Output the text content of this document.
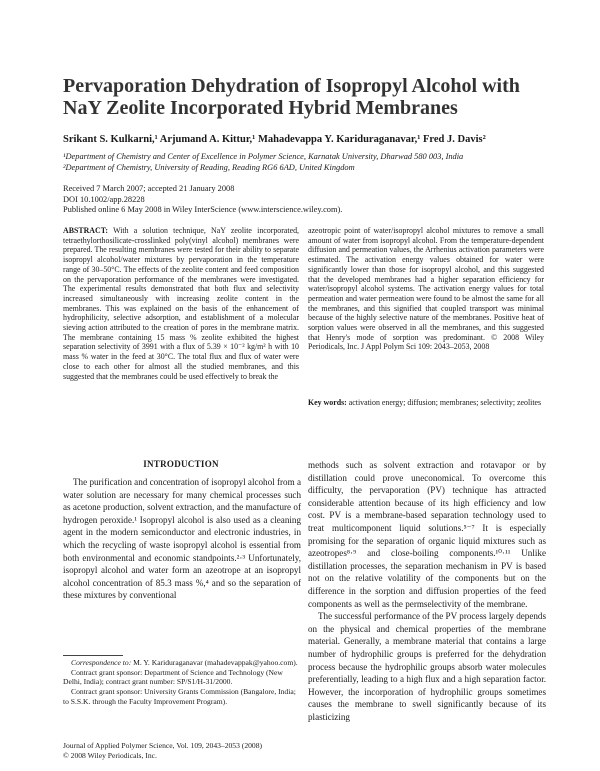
Pervaporation Dehydration of Isopropyl Alcohol with NaY Zeolite Incorporated Hybrid Membranes
Srikant S. Kulkarni,¹ Arjumand A. Kittur,¹ Mahadevappa Y. Kariduraganavar,¹ Fred J. Davis²
¹Department of Chemistry and Center of Excellence in Polymer Science, Karnatak University, Dharwad 580 003, India
²Department of Chemistry, University of Reading, Reading RG6 6AD, United Kingdom
Received 7 March 2007; accepted 21 January 2008
DOI 10.1002/app.28228
Published online 6 May 2008 in Wiley InterScience (www.interscience.wiley.com).
ABSTRACT: With a solution technique, NaY zeolite incorporated, tetraethylorthosilicate-crosslinked poly(vinyl alcohol) membranes were prepared. The resulting membranes were tested for their ability to separate isopropyl alcohol/water mixtures by pervaporation in the temperature range of 30–50°C. The effects of the zeolite content and feed composition on the pervaporation performance of the membranes were investigated. The experimental results demonstrated that both flux and selectivity increased simultaneously with increasing zeolite content in the membranes. This was explained on the basis of the enhancement of hydrophilicity, selective adsorption, and establishment of a molecular sieving action attributed to the creation of pores in the membrane matrix. The membrane containing 15 mass % zeolite exhibited the highest separation selectivity of 3991 with a flux of 5.39 × 10⁻² kg/m² h with 10 mass % water in the feed at 30°C. The total flux and flux of water were close to each other for almost all the studied membranes, and this suggested that the membranes could be used effectively to break the
azeotropic point of water/isopropyl alcohol mixtures to remove a small amount of water from isopropyl alcohol. From the temperature-dependent diffusion and permeation values, the Arrhenius activation parameters were estimated. The activation energy values obtained for water were significantly lower than those for isopropyl alcohol, and this suggested that the developed membranes had a higher separation efficiency for water/isopropyl alcohol systems. The activation energy values for total permeation and water permeation were found to be almost the same for all the membranes, and this signified that coupled transport was minimal because of the highly selective nature of the membranes. Positive heat of sorption values were observed in all the membranes, and this suggested that Henry's mode of sorption was predominant. © 2008 Wiley Periodicals, Inc. J Appl Polym Sci 109: 2043–2053, 2008
Key words: activation energy; diffusion; membranes; selectivity; zeolites
INTRODUCTION

The purification and concentration of isopropyl alcohol from a water solution are necessary for many chemical processes such as acetone production, solvent extraction, and the manufacture of hydrogen peroxide.¹ Isopropyl alcohol is also used as a cleaning agent in the modern semiconductor and electronic industries, in which the recycling of waste isopropyl alcohol is essential from both environmental and economic standpoints.²·³ Unfortunately, isopropyl alcohol and water form an azeotrope at an isopropyl alcohol concentration of 85.3 mass %,⁴ and so the separation of these mixtures by conventional

methods such as solvent extraction and rotavapor or by distillation could prove uneconomical. To overcome this difficulty, the pervaporation (PV) technique has attracted considerable attention because of its high efficiency and low cost. PV is a membrane-based separation technology used to treat multicomponent liquid solutions.⁵⁻⁷ It is especially promising for the separation of organic liquid mixtures such as azeotropes⁸·⁹ and close-boiling components.¹⁰·¹¹ Unlike distillation processes, the separation mechanism in PV is based not on the relative volatility of the components but on the difference in the sorption and diffusion properties of the feed components as well as the permselectivity of the membrane.

The successful performance of the PV process largely depends on the physical and chemical properties of the membrane material. Generally, a membrane material that contains a large number of hydrophilic groups is preferred for the dehydration process because the hydrophilic groups absorb water molecules preferentially, leading to a high flux and a high separation factor. However, the incorporation of hydrophilic groups sometimes causes the membrane to swell significantly because of its plasticizing

Correspondence to: M. Y. Kariduraganavar (mahadevappak@yahoo.com).

Contract grant sponsor: Department of Science and Technology (New Delhi, India); contract grant number: SP/S1/H-31/2000.

Contract grant sponsor: University Grants Commission (Bangalore, India; to S.S.K. through the Faculty Improvement Program).

Journal of Applied Polymer Science, Vol. 109, 2043–2053 (2008)
© 2008 Wiley Periodicals, Inc.
